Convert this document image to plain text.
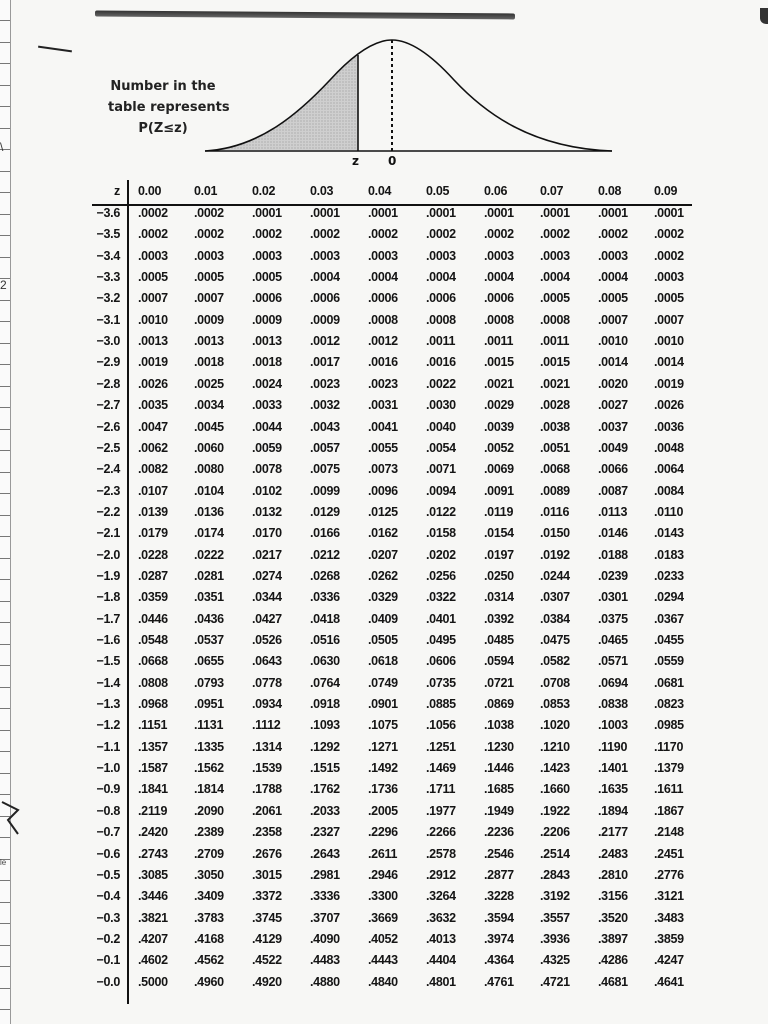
\
2
le
Number in the
table represents
P(Z≤z)
z 0
z 0.00	0.01	0.02	0.03	0.04	0.05	0.06	0.07	0.08	0.09
−3.6 .0002 .0002 .0001 .0001 .0001 .0001 .0001 .0001 .0001 .0001
−3.5 .0002 .0002 .0002 .0002 .0002 .0002 .0002 .0002 .0002 .0002
−3.4 .0003 .0003 .0003 .0003 .0003 .0003 .0003 .0003 .0003 .0002
−3.3 .0005 .0005 .0005 .0004 .0004 .0004 .0004 .0004 .0004 .0003
−3.2 .0007 .0007 .0006 .0006 .0006 .0006 .0006 .0005 .0005 .0005
−3.1 .0010 .0009 .0009 .0009 .0008 .0008 .0008 .0008 .0007 .0007
−3.0 .0013 .0013 .0013 .0012 .0012 .0011 .0011 .0011 .0010 .0010
−2.9 .0019 .0018 .0018 .0017 .0016 .0016 .0015 .0015 .0014 .0014
−2.8 .0026 .0025 .0024 .0023 .0023 .0022 .0021 .0021 .0020 .0019
−2.7 .0035 .0034 .0033 .0032 .0031 .0030 .0029 .0028 .0027 .0026
−2.6 .0047 .0045 .0044 .0043 .0041 .0040 .0039 .0038 .0037 .0036
−2.5 .0062 .0060 .0059 .0057 .0055 .0054 .0052 .0051 .0049 .0048
−2.4 .0082 .0080 .0078 .0075 .0073 .0071 .0069 .0068 .0066 .0064
−2.3 .0107 .0104 .0102 .0099 .0096 .0094 .0091 .0089 .0087 .0084
−2.2 .0139 .0136 .0132 .0129 .0125 .0122 .0119 .0116 .0113 .0110
−2.1 .0179 .0174 .0170 .0166 .0162 .0158 .0154 .0150 .0146 .0143
−2.0 .0228 .0222 .0217 .0212 .0207 .0202 .0197 .0192 .0188 .0183
−1.9 .0287 .0281 .0274 .0268 .0262 .0256 .0250 .0244 .0239 .0233
−1.8 .0359 .0351 .0344 .0336 .0329 .0322 .0314 .0307 .0301 .0294
−1.7 .0446 .0436 .0427 .0418 .0409 .0401 .0392 .0384 .0375 .0367
−1.6 .0548 .0537 .0526 .0516 .0505 .0495 .0485 .0475 .0465 .0455
−1.5 .0668 .0655 .0643 .0630 .0618 .0606 .0594 .0582 .0571 .0559
−1.4 .0808 .0793 .0778 .0764 .0749 .0735 .0721 .0708 .0694 .0681
−1.3 .0968 .0951 .0934 .0918 .0901 .0885 .0869 .0853 .0838 .0823
−1.2 .1151 .1131 .1112 .1093 .1075 .1056 .1038 .1020 .1003 .0985
−1.1 .1357 .1335 .1314 .1292 .1271 .1251 .1230 .1210 .1190 .1170
−1.0 .1587 .1562 .1539 .1515 .1492 .1469 .1446 .1423 .1401 .1379
−0.9 .1841 .1814 .1788 .1762 .1736 .1711 .1685 .1660 .1635 .1611
−0.8 .2119 .2090 .2061 .2033 .2005 .1977 .1949 .1922 .1894 .1867
−0.7 .2420 .2389 .2358 .2327 .2296 .2266 .2236 .2206 .2177 .2148
−0.6 .2743 .2709 .2676 .2643 .2611 .2578 .2546 .2514 .2483 .2451
−0.5 .3085 .3050 .3015 .2981 .2946 .2912 .2877 .2843 .2810 .2776
−0.4 .3446 .3409 .3372 .3336 .3300 .3264 .3228 .3192 .3156 .3121
−0.3 .3821 .3783 .3745 .3707 .3669 .3632 .3594 .3557 .3520 .3483
−0.2 .4207 .4168 .4129 .4090 .4052 .4013 .3974 .3936 .3897 .3859
−0.1 .4602 .4562 .4522 .4483 .4443 .4404 .4364 .4325 .4286 .4247
−0.0 .5000 .4960 .4920 .4880 .4840 .4801 .4761 .4721 .4681 .4641
